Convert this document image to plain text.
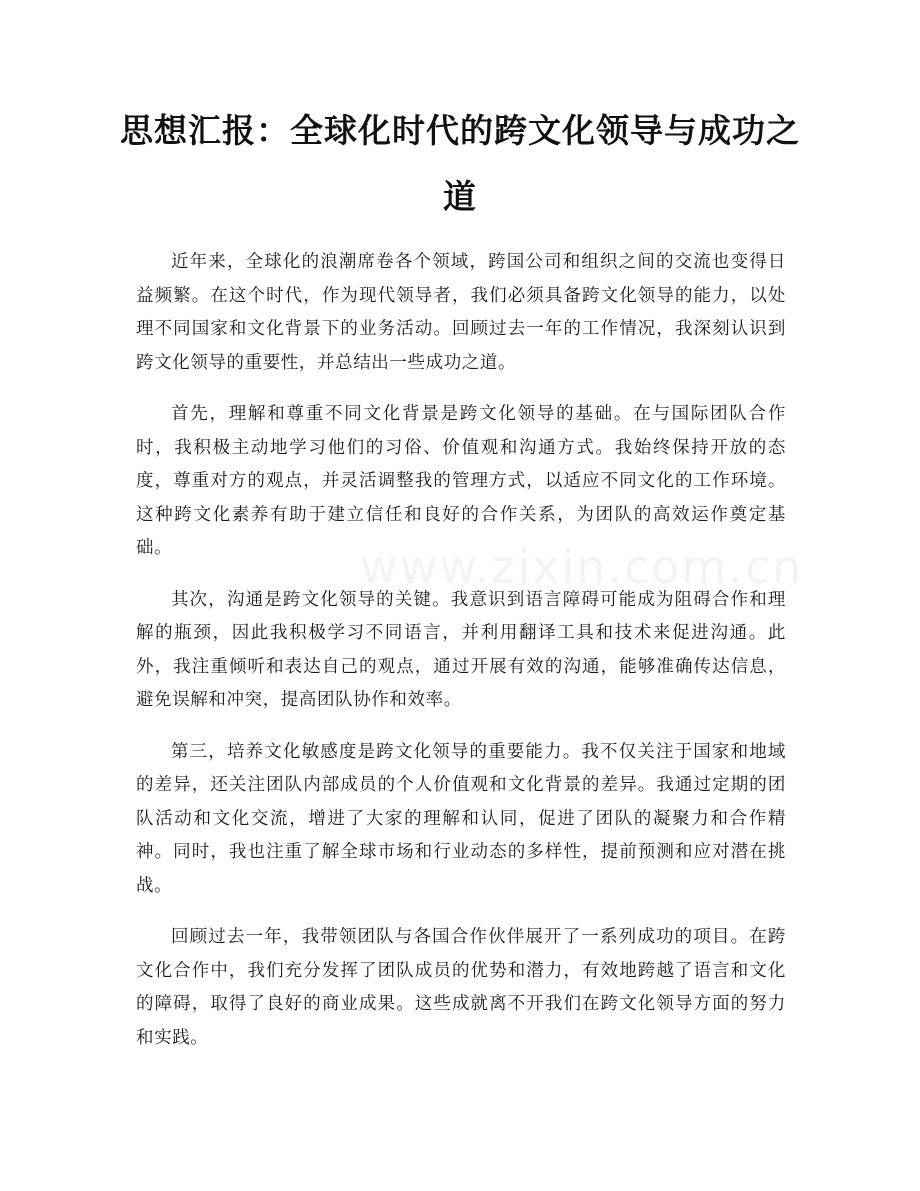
思想汇报：全球化时代的跨文化领导与成功之道

近年来，全球化的浪潮席卷各个领域，跨国公司和组织之间的交流也变得日益频繁。在这个时代，作为现代领导者，我们必须具备跨文化领导的能力，以处理不同国家和文化背景下的业务活动。回顾过去一年的工作情况，我深刻认识到跨文化领导的重要性，并总结出一些成功之道。

首先，理解和尊重不同文化背景是跨文化领导的基础。在与国际团队合作时，我积极主动地学习他们的习俗、价值观和沟通方式。我始终保持开放的态度，尊重对方的观点，并灵活调整我的管理方式，以适应不同文化的工作环境。这种跨文化素养有助于建立信任和良好的合作关系，为团队的高效运作奠定基础。

其次，沟通是跨文化领导的关键。我意识到语言障碍可能成为阻碍合作和理解的瓶颈，因此我积极学习不同语言，并利用翻译工具和技术来促进沟通。此外，我注重倾听和表达自己的观点，通过开展有效的沟通，能够准确传达信息，避免误解和冲突，提高团队协作和效率。

第三，培养文化敏感度是跨文化领导的重要能力。我不仅关注于国家和地域的差异，还关注团队内部成员的个人价值观和文化背景的差异。我通过定期的团队活动和文化交流，增进了大家的理解和认同，促进了团队的凝聚力和合作精神。同时，我也注重了解全球市场和行业动态的多样性，提前预测和应对潜在挑战。

回顾过去一年，我带领团队与各国合作伙伴展开了一系列成功的项目。在跨文化合作中，我们充分发挥了团队成员的优势和潜力，有效地跨越了语言和文化的障碍，取得了良好的商业成果。这些成就离不开我们在跨文化领导方面的努力和实践。

www.zixin.com.cn
